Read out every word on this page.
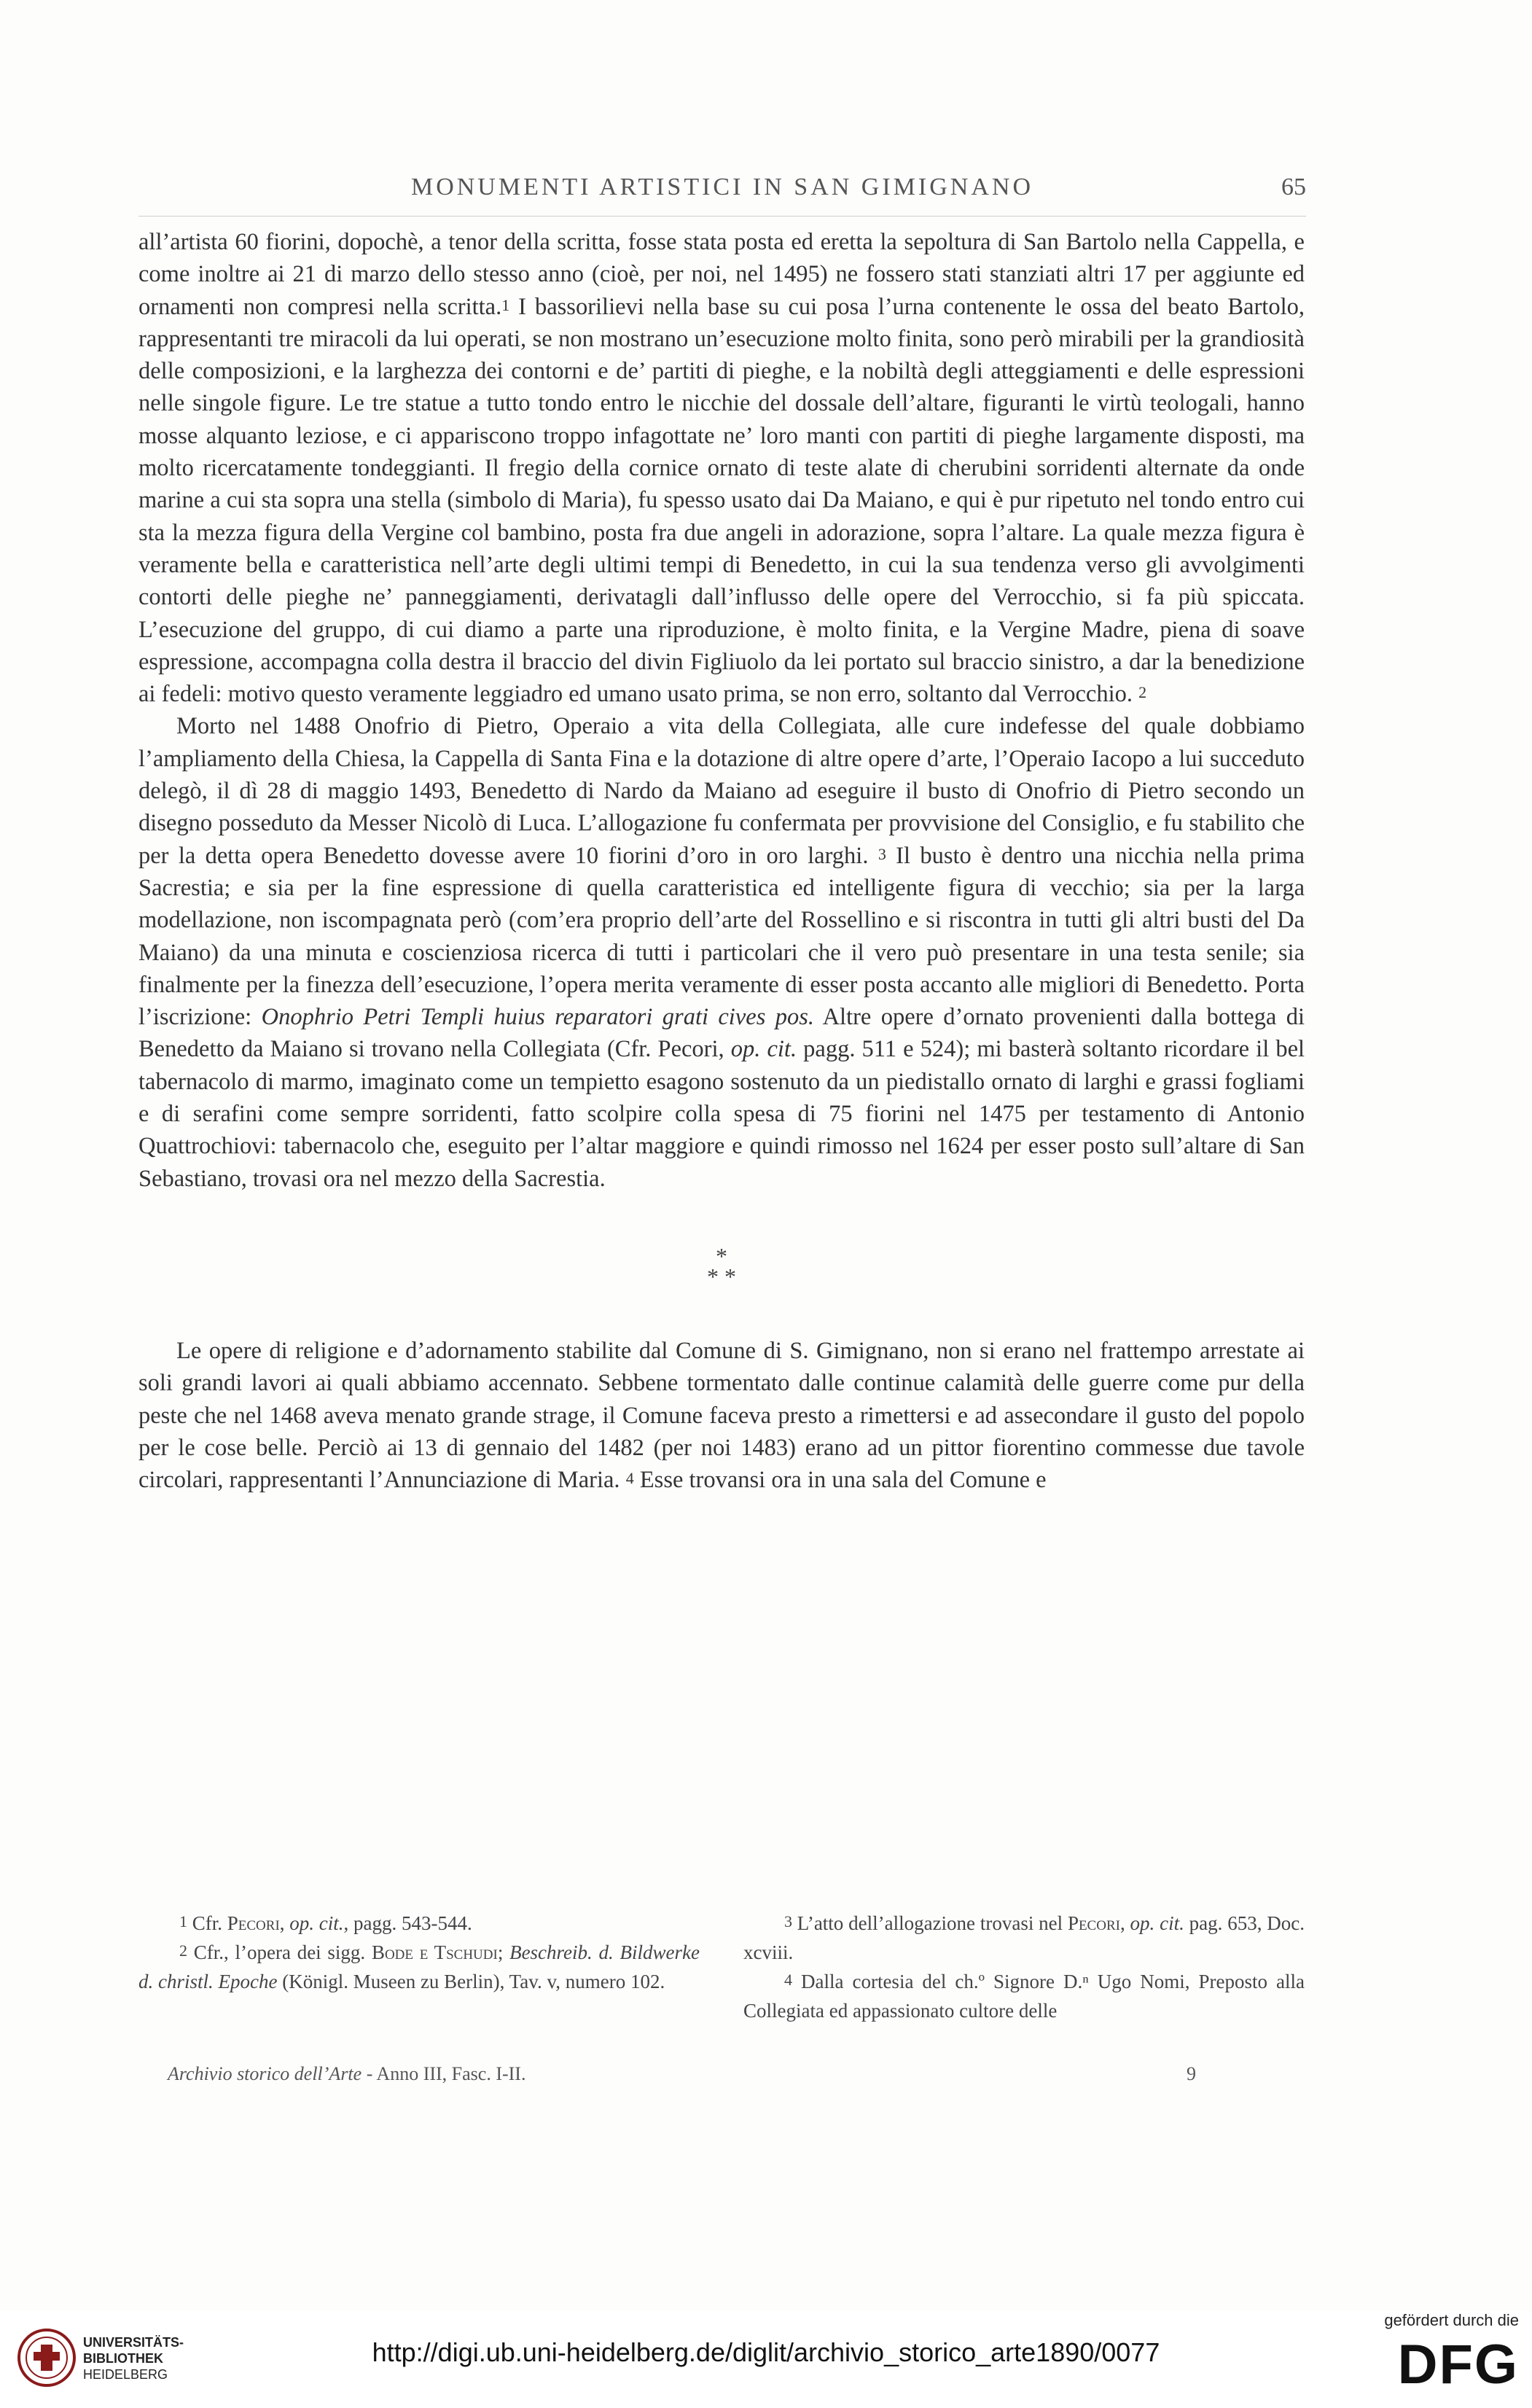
MONUMENTI ARTISTICI IN SAN GIMIGNANO	65

all’artista 60 fiorini, dopochè, a tenor della scritta, fosse stata posta ed eretta la sepoltura di San Bartolo nella Cappella, e come inoltre ai 21 di marzo dello stesso anno (cioè, per noi, nel 1495) ne fossero stati stanziati altri 17 per aggiunte ed ornamenti non compresi nella scritta.$^1$ I bassorilievi nella base su cui posa l’urna contenente le ossa del beato Bartolo, rappresentanti tre miracoli da lui operati, se non mostrano un’esecuzione molto finita, sono però mirabili per la grandiosità delle composizioni, e la larghezza dei contorni e de’ partiti di pieghe, e la nobiltà degli atteggiamenti e delle espressioni nelle singole figure. Le tre statue a tutto tondo entro le nicchie del dossale dell’altare, figuranti le virtù teologali, hanno mosse alquanto leziose, e ci appariscono troppo infagottate ne’ loro manti con partiti di pieghe largamente disposti, ma molto ricercatamente tondeggianti. Il fregio della cornice ornato di teste alate di cherubini sorridenti alternate da onde marine a cui sta sopra una stella (simbolo di Maria), fu spesso usato dai Da Maiano, e qui è pur ripetuto nel tondo entro cui sta la mezza figura della Vergine col bambino, posta fra due angeli in adorazione, sopra l’altare. La quale mezza figura è veramente bella e caratteristica nell’arte degli ultimi tempi di Benedetto, in cui la sua tendenza verso gli avvolgimenti contorti delle pieghe ne’ panneggiamenti, derivatagli dall’influsso delle opere del Verrocchio, si fa più spiccata. L’esecuzione del gruppo, di cui diamo a parte una riproduzione, è molto finita, e la Vergine Madre, piena di soave espressione, accompagna colla destra il braccio del divin Figliuolo da lei portato sul braccio sinistro, a dar la benedizione ai fedeli: motivo questo veramente leggiadro ed umano usato prima, se non erro, soltanto dal Verrocchio. $^2$

Morto nel 1488 Onofrio di Pietro, Operaio a vita della Collegiata, alle cure indefesse del quale dobbiamo l’ampliamento della Chiesa, la Cappella di Santa Fina e la dotazione di altre opere d’arte, l’Operaio Iacopo a lui succeduto delegò, il dì 28 di maggio 1493, Benedetto di Nardo da Maiano ad eseguire il busto di Onofrio di Pietro secondo un disegno posseduto da Messer Nicolò di Luca. L’allogazione fu confermata per provvisione del Consiglio, e fu stabilito che per la detta opera Benedetto dovesse avere 10 fiorini d’oro in oro larghi. $^3$ Il busto è dentro una nicchia nella prima Sacrestia; e sia per la fine espressione di quella caratteristica ed intelligente figura di vecchio; sia per la larga modellazione, non iscompagnata però (com’era proprio dell’arte del Rossellino e si riscontra in tutti gli altri busti del Da Maiano) da una minuta e coscienziosa ricerca di tutti i particolari che il vero può presentare in una testa senile; sia finalmente per la finezza dell’esecuzione, l’opera merita veramente di esser posta accanto alle migliori di Benedetto. Porta l’iscrizione: Onophrio Petri Templi huius reparatori grati cives pos. Altre opere d’ornato provenienti dalla bottega di Benedetto da Maiano si trovano nella Collegiata (Cfr. Pecori, op. cit. pagg. 511 e 524); mi basterà soltanto ricordare il bel tabernacolo di marmo, imaginato come un tempietto esagono sostenuto da un piedistallo ornato di larghi e grassi fogliami e di serafini come sempre sorridenti, fatto scolpire colla spesa di 75 fiorini nel 1475 per testamento di Antonio Quattrochiovi: tabernacolo che, eseguito per l’altar maggiore e quindi rimosso nel 1624 per esser posto sull’altare di San Sebastiano, trovasi ora nel mezzo della Sacrestia.

*
* *

Le opere di religione e d’adornamento stabilite dal Comune di S. Gimignano, non si erano nel frattempo arrestate ai soli grandi lavori ai quali abbiamo accennato. Sebbene tormentato dalle continue calamità delle guerre come pur della peste che nel 1468 aveva menato grande strage, il Comune faceva presto a rimettersi e ad assecondare il gusto del popolo per le cose belle. Perciò ai 13 di gennaio del 1482 (per noi 1483) erano ad un pittor fiorentino commesse due tavole circolari, rappresentanti l’Annunciazione di Maria. $^4$ Esse trovansi ora in una sala del Comune e

$^1$ Cfr. Pecori, op. cit., pagg. 543-544.

$^2$ Cfr., l’opera dei sigg. Bode e Tschudi; Beschreib. d. Bildwerke d. christl. Epoche (Königl. Museen zu Berlin), Tav. v, numero 102.

$^3$ L’atto dell’allogazione trovasi nel Pecori, op. cit. pag. 653, Doc. xcviii.

$^4$ Dalla cortesia del ch.º Signore D.ⁿ Ugo Nomi, Preposto alla Collegiata ed appassionato cultore delle

Archivio storico dell’Arte - Anno III, Fasc. I-II.	9
UNIVERSITÄTS-
BIBLIOTHEK
HEIDELBERG
http://digi.ub.uni-heidelberg.de/diglit/archivio_storico_arte1890/0077
gefördert durch die
DFG
